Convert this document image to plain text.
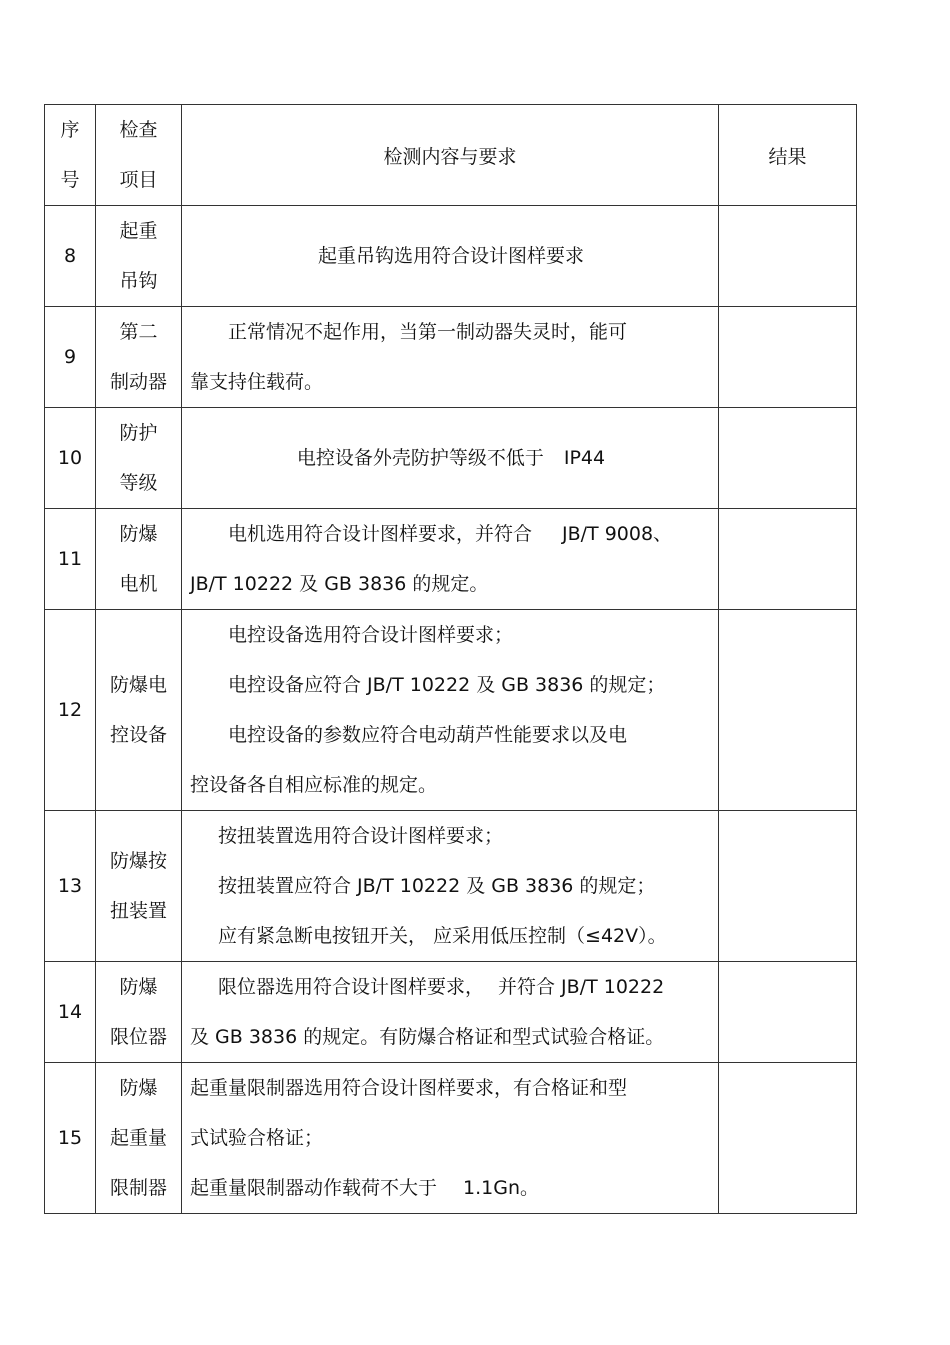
序
号	检查
项目	检测内容与要求	结果
8	起重
吊钩	起重吊钩选用符合设计图样要求	

9	第二
制动器	正常情况不起作用，当第一制动器失灵时，能可
靠支持住载荷。	

10	防护
等级	电控设备外壳防护等级不低于 IP44	

11	防爆
电机	电机选用符合设计图样要求，并符合 JB/T 9008、
JB/T 10222 及 GB 3836 的规定。	

12	防爆电
控设备	电控设备选用符合设计图样要求；
电控设备应符合 JB/T 10222 及 GB 3836 的规定；
电控设备的参数应符合电动葫芦性能要求以及电
控设备各自相应标准的规定。	

13	防爆按
扭装置	按扭装置选用符合设计图样要求；
按扭装置应符合 JB/T 10222 及 GB 3836 的规定；
应有紧急断电按钮开关， 应采用低压控制（≤42V）。	

14	防爆
限位器	限位器选用符合设计图样要求， 并符合 JB/T 10222
及 GB 3836 的规定。有防爆合格证和型式试验合格证。	

15	防爆
起重量
限制器	起重量限制器选用符合设计图样要求，有合格证和型
式试验合格证；
起重量限制器动作载荷不大于 1.1Gn。	
